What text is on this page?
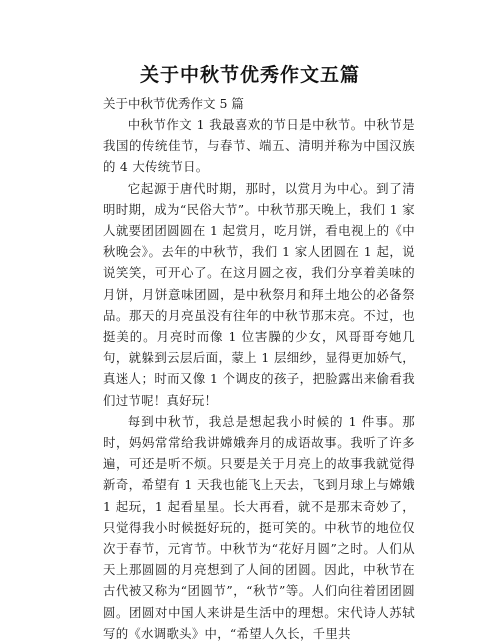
关于中秋节优秀作文五篇

关于中秋节优秀作文 5 篇

中秋节作文 1 我最喜欢的节日是中秋节。中秋节是我国的传统佳节，与春节、端五、清明并称为中国汉族的 4 大传统节日。

它起源于唐代时期，那时，以赏月为中心。到了清明时期，成为“民俗大节”。中秋节那天晚上，我们 1 家人就要团团圆圆在 1 起赏月，吃月饼，看电视上的《中秋晚会》。去年的中秋节，我们 1 家人团圆在 1 起，说说笑笑，可开心了。在这月圆之夜，我们分享着美味的月饼，月饼意味团圆，是中秋祭月和拜土地公的必备祭品。那天的月亮虽没有往年的中秋节那末亮。不过，也挺美的。月亮时而像 1 位害臊的少女，风哥哥夸她几句，就躲到云层后面，蒙上 1 层细纱，显得更加娇气，真迷人；时而又像 1 个调皮的孩子，把脸露出来偷看我们过节呢！真好玩！

每到中秋节，我总是想起我小时候的 1 件事。那时，妈妈常常给我讲嫦娥奔月的成语故事。我听了许多遍，可还是听不烦。只要是关于月亮上的故事我就觉得新奇，希望有 1 天我也能飞上天去，飞到月球上与嫦娥 1 起玩，1 起看星星。长大再看，就不是那末奇妙了，只觉得我小时候挺好玩的，挺可笑的。中秋节的地位仅次于春节，元宵节。中秋节为“花好月圆”之时。人们从天上那圆圆的月亮想到了人间的团圆。因此，中秋节在古代被又称为“团圆节”，“秋节”等。人们向往着团团圆圆。团圆对中国人来讲是生活中的理想。宋代诗人苏轼写的《水调歌头》中，“希望人久长，千里共
